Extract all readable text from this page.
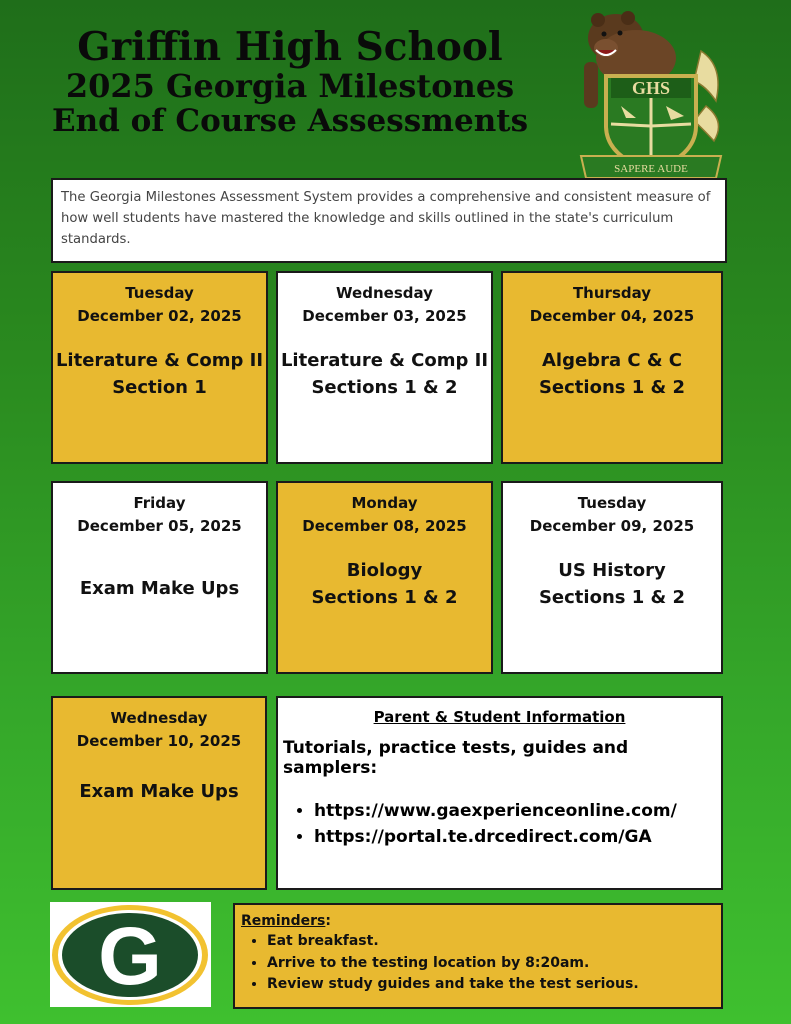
Griffin High School
2025 Georgia Milestones
End of Course Assessments
GHS
SAPERE AUDE
The Georgia Milestones Assessment System provides a comprehensive and consistent measure of how well students have mastered the knowledge and skills outlined in the state's curriculum standards.
Tuesday
December 02, 2025
Literature & Comp II
Section 1
Wednesday
December 03, 2025
Literature & Comp II
Sections 1 & 2
Thursday
December 04, 2025
Algebra C & C
Sections 1 & 2
Friday
December 05, 2025
Exam Make Ups
Monday
December 08, 2025
Biology
Sections 1 & 2
Tuesday
December 09, 2025
US History
Sections 1 & 2
Wednesday
December 10, 2025
Exam Make Ups
Parent & Student Information
Tutorials, practice tests, guides and samplers:
• https://www.gaexperienceonline.com/
• https://portal.te.drcedirect.com/GA
G	Reminders:
• Eat breakfast.
• Arrive to the testing location by 8:20am.
• Review study guides and take the test serious.
